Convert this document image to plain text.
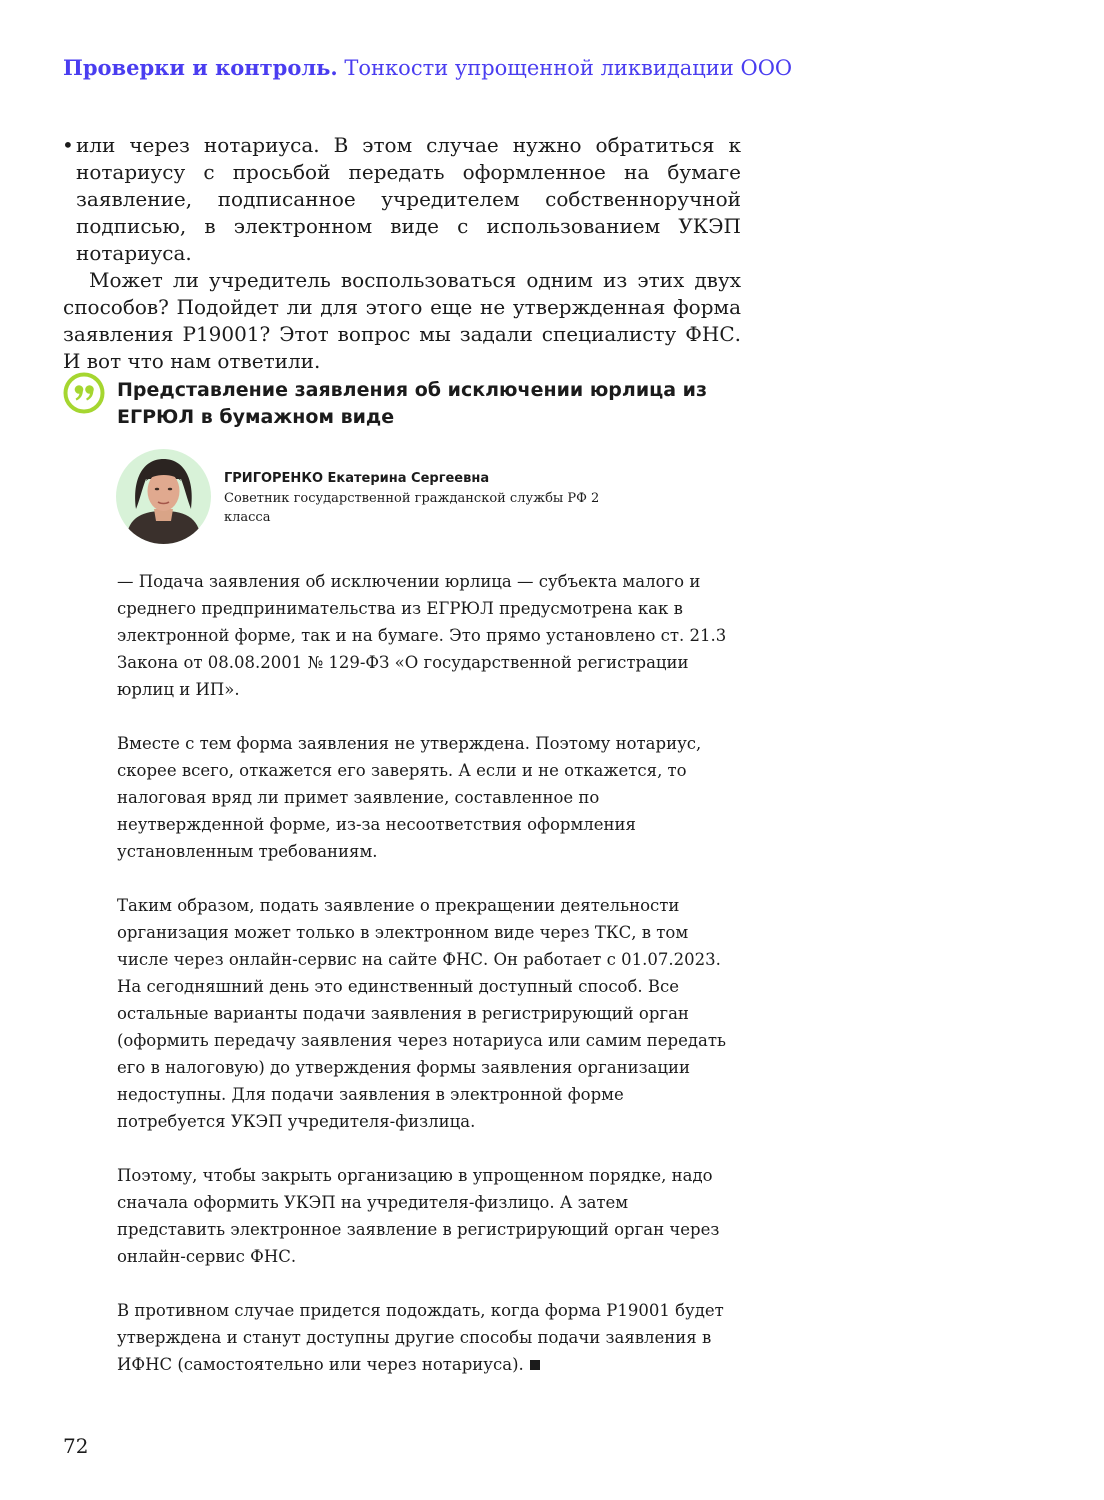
Проверки и контроль. Тонкости упрощенной ликвидации ООО
• или через нотариуса. В этом случае нужно обратиться к нотариусу с просьбой передать оформленное на бумаге заявление, подписанное учредителем собственноручной подписью, в электронном виде с использованием УКЭП нотариуса.

Может ли учредитель воспользоваться одним из этих двух способов? Подойдет ли для этого еще не утвержденная форма заявления Р19001? Этот вопрос мы задали специалисту ФНС. И вот что нам ответили.

Представление заявления об исключении юрлица из ЕГРЮЛ в бумажном виде
ГРИГОРЕНКО Екатерина Сергеевна
Советник государственной гражданской службы РФ 2 класса

— Подача заявления об исключении юрлица — субъекта малого и среднего предпринимательства из ЕГРЮЛ предусмотрена как в электронной форме, так и на бумаге. Это прямо установлено ст. 21.3 Закона от 08.08.2001 № 129-ФЗ «О государственной регистрации юрлиц и ИП».

Вместе с тем форма заявления не утверждена. Поэтому нотариус, скорее всего, откажется его заверять. А если и не откажется, то налоговая вряд ли примет заявление, составленное по неутвержденной форме, из-за несоответствия оформления установленным требованиям.

Таким образом, подать заявление о прекращении деятельности организация может только в электронном виде через ТКС, в том числе через онлайн-сервис на сайте ФНС. Он работает с 01.07.2023. На сегодняшний день это единственный доступный способ. Все остальные варианты подачи заявления в регистрирующий орган (оформить передачу заявления через нотариуса или самим передать его в налоговую) до утверждения формы заявления организации недоступны. Для подачи заявления в электронной форме потребуется УКЭП учредителя-физлица.

Поэтому, чтобы закрыть организацию в упрощенном порядке, надо сначала оформить УКЭП на учредителя-физлицо. А затем представить электронное заявление в регистрирующий орган через онлайн-сервис ФНС.

В противном случае придется подождать, когда форма Р19001 будет утверждена и станут доступны другие способы подачи заявления в ИФНС (самостоятельно или через нотариуса).

72
